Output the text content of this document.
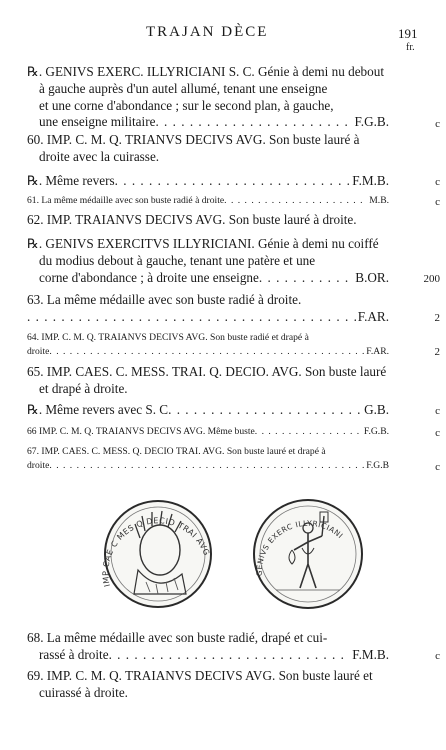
TRAJAN DÈCE	191
fr.
℞. GENIVS EXERC. ILLYRICIANI S. C. Génie à demi nu debout
à gauche auprès d'un autel allumé, tenant une enseigne
et une corne d'abondance ; sur le second plan, à gauche,
une enseigne militaire . . .	F.G.B.	c
60. IMP. C. M. Q. TRIANVS DECIVS AVG. Son buste lauré à
droite avec la cuirasse.
℞. Même revers . . .	F.M.B.	c
61. La même médaille avec son buste radié à droite . . .	M.B.	c
62. IMP. TRAIANVS DECIVS AVG. Son buste lauré à droite.
℞. GENIVS EXERCITVS ILLYRICIANI. Génie à demi nu coiffé
du modius debout à gauche, tenant une patère et une
corne d'abondance ; à droite une enseigne . . .	B.OR.	200
63. La même médaille avec son buste radié à droite.
. . .
F.AR.	2
64. IMP. C. M. Q. TRAIANVS DECIVS AVG. Son buste radié et drapé à
droite . . .	F.AR.	2
65. IMP. CAES. C. MESS. TRAI. Q. DECIO. AVG. Son buste lauré
et drapé à droite.
℞. Même revers avec S. C . . .	G.B.	c
66 IMP. C. M. Q. TRAIANVS DECIVS AVG. Même buste . . .	F.G.B.	c
67. IMP. CAES. C. MESS. Q. DECIO TRAI. AVG. Son buste lauré et drapé à
droite . . .	F.G.B	c
IMP CAE C MES Q DECIO TRAI AVG
GENIVS EXERC ILLYRICIANI
68. La même médaille avec son buste radié, drapé et cui-
rassé à droite . . .	F.M.B.	c
69. IMP. C. M. Q. TRAIANVS DECIVS AVG. Son buste lauré et
cuirassé à droite.
